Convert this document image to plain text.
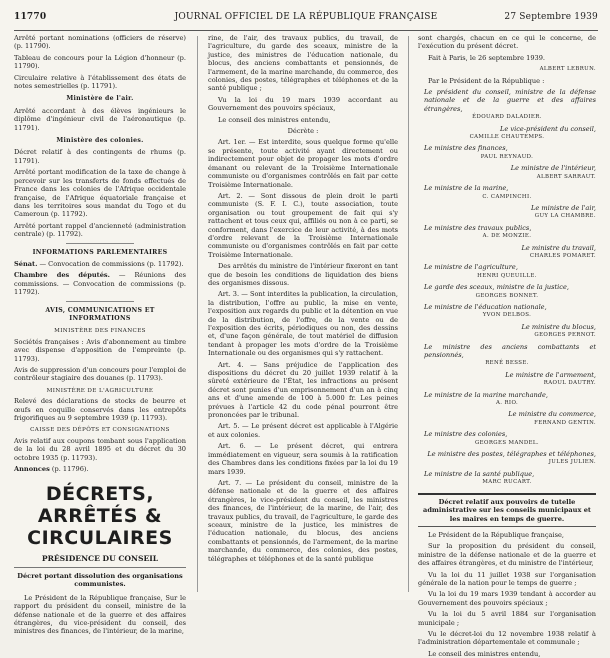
11770	JOURNAL OFFICIEL DE LA RÉPUBLIQUE FRANÇAISE	27 Septembre 1939

Arrêté portant nominations (officiers de réserve) (p. 11790).

Tableau de concours pour la Légion d'honneur (p. 11790).

Circulaire relative à l'établissement des états de notes semestrielles (p. 11791).

Ministère de l'air.

Arrêté accordant à des élèves ingénieurs le diplôme d'ingénieur civil de l'aéronautique (p. 11791).

Ministère des colonies.

Décret relatif à des contingents de rhums (p. 11791).

Arrêté portant modification de la taxe de change à percevoir sur les transferts de fonds effectués de France dans les colonies de l'Afrique occidentale française, de l'Afrique équatoriale française et dans les territoires sous mandat du Togo et du Cameroun (p. 11792).

Arrêté portant rappel d'ancienneté (administration centrale) (p. 11792).

INFORMATIONS PARLEMENTAIRES

Sénat. — Convocation de commissions (p. 11792).

Chambre des députés. — Réunions des commissions. — Convocation de commissions (p. 11792).

AVIS, COMMUNICATIONS ET INFORMATIONS
MINISTÈRE DES FINANCES

Sociétés françaises : Avis d'abonnement au timbre avec dispense d'apposition de l'empreinte (p. 11793).

Avis de suppression d'un concours pour l'emploi de contrôleur stagiaire des douanes (p. 11793).

MINISTÈRE DE L'AGRICULTURE

Relevé des déclarations de stocks de beurre et œufs en coquille conservés dans les entrepôts frigorifiques au 9 septembre 1939 (p. 11793).

CAISSE DES DÉPÔTS ET CONSIGNATIONS

Avis relatif aux coupons tombant sous l'application de la loi du 28 avril 1895 et du décret du 30 octobre 1935 (p. 11793).

Annonces (p. 11796).

DÉCRETS, ARRÊTÉS & CIRCULAIRES
PRÉSIDENCE DU CONSEIL
Décret portant dissolution des organisations communistes.

Le Président de la République française, Sur le rapport du président du conseil, ministre de la défense nationale et de la guerre et des affaires étrangères, du vice-président du conseil, des ministres des finances, de l'intérieur, de la marine,

rine, de l'air, des travaux publics, du travail, de l'agriculture, du garde des sceaux, ministre de la justice, des ministres de l'éducation nationale, du blocus, des anciens combattants et pensionnés, de l'armement, de la marine marchande, du commerce, des colonies, des postes, télégraphes et téléphones et de la santé publique ;

Vu la loi du 19 mars 1939 accordant au Gouvernement des pouvoirs spéciaux,

Le conseil des ministres entendu,

Décrète :

Art. 1er. — Est interdite, sous quelque forme qu'elle se présente, toute activité ayant directement ou indirectement pour objet de propager les mots d'ordre émanant ou relevant de la Troisième Internationale communiste ou d'organismes contrôlés en fait par cette Troisième Internationale.

Art. 2. — Sont dissous de plein droit le parti communiste (S. F. I. C.), toute association, toute organisation ou tout groupement de fait qui s'y rattachent et tous ceux qui, affiliés ou non à ce parti, se conforment, dans l'exercice de leur activité, à des mots d'ordre relevant de la Troisième Internationale communiste ou d'organismes contrôlés en fait par cette Troisième Internationale.

Des arrêtés du ministre de l'intérieur fixeront en tant que de besoin les conditions de liquidation des biens des organismes dissous.

Art. 3. — Sont interdites la publication, la circulation, la distribution, l'offre au public, la mise en vente, l'exposition aux regards du public et la détention en vue de la distribution, de l'offre, de la vente ou de l'exposition des écrits, périodiques ou non, des dessins et, d'une façon générale, de tout matériel de diffusion tendant à propager les mots d'ordre de la Troisième Internationale ou des organismes qui s'y rattachent.

Art. 4. — Sans préjudice de l'application des dispositions du décret du 20 juillet 1939 relatif à la sûreté extérieure de l'État, les infractions au présent décret sont punies d'un emprisonnement d'un an à cinq ans et d'une amende de 100 à 5.000 fr. Les peines prévues à l'article 42 du code pénal pourront être prononcées par le tribunal.

Art. 5. — Le présent décret est applicable à l'Algérie et aux colonies.

Art. 6. — Le présent décret, qui entrera immédiatement en vigueur, sera soumis à la ratification des Chambres dans les conditions fixées par la loi du 19 mars 1939.

Art. 7. — Le président du conseil, ministre de la défense nationale et de la guerre et des affaires étrangères, le vice-président du conseil, les ministres des finances, de l'intérieur, de la marine, de l'air, des travaux publics, du travail, de l'agriculture, le garde des sceaux, ministre de la justice, les ministres de l'éducation nationale, du blocus, des anciens combattants et pensionnés, de l'armement, de la marine marchande, du commerce, des colonies, des postes, télégraphes et téléphones et de la santé publique

sont chargés, chacun en ce qui le concerne, de l'exécution du présent décret.

Fait à Paris, le 26 septembre 1939.

ALBERT LEBRUN.

Par le Président de la République :

Le président du conseil, ministre de la défense nationale et de la guerre et des affaires étrangères,

ÉDOUARD DALADIER.

Le vice-président du conseil,

CAMILLE CHAUTEMPS.

Le ministre des finances,

PAUL REYNAUD.

Le ministre de l'intérieur,

ALBERT SARRAUT.

Le ministre de la marine,

C. CAMPINCHI.

Le ministre de l'air,

GUY LA CHAMBRE.

Le ministre des travaux publics,

A. DE MONZIE.

Le ministre du travail,

CHARLES POMARET.

Le ministre de l'agriculture,

HENRI QUEUILLE.

Le garde des sceaux, ministre de la justice,

GEORGES BONNET.

Le ministre de l'éducation nationale,

YVON DELBOS.

Le ministre du blocus,

GEORGES PERNOT.

Le ministre des anciens combattants et pensionnés,

RENÉ BESSE.

Le ministre de l'armement,

RAOUL DAUTRY.

Le ministre de la marine marchande,

A. RIO.

Le ministre du commerce,

FERNAND GENTIN.

Le ministre des colonies,

GEORGES MANDEL.

Le ministre des postes, télégraphes et téléphones,

JULES JULIEN.

Le ministre de la santé publique,

MARC RUCART.

Décret relatif aux pouvoirs de tutelle administrative sur les conseils municipaux et les maires en temps de guerre.

Le Président de la République française,

Sur la proposition du président du conseil, ministre de la défense nationale et de la guerre et des affaires étrangères, et du ministre de l'intérieur,

Vu la loi du 11 juillet 1938 sur l'organisation générale de la nation pour le temps de guerre ;

Vu la loi du 19 mars 1939 tendant à accorder au Gouvernement des pouvoirs spéciaux ;

Vu la loi du 5 avril 1884 sur l'organisation municipale ;

Vu le décret-loi du 12 novembre 1938 relatif à l'administration départementale et communale ;

Le conseil des ministres entendu,
